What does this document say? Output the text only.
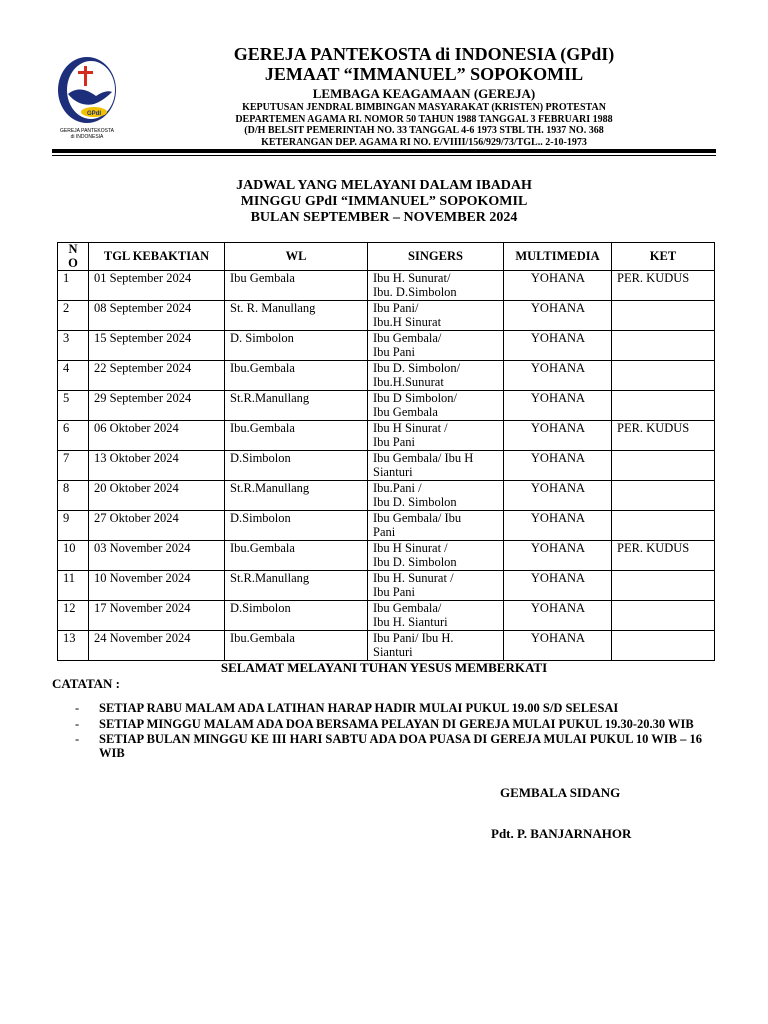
GPdI
GEREJA PANTEKOSTA
di INDONESIA
GEREJA PANTEKOSTA di INDONESIA (GPdI)
JEMAAT “IMMANUEL” SOPOKOMIL
LEMBAGA KEAGAMAAN (GEREJA)
KEPUTUSAN JENDRAL BIMBINGAN MASYARAKAT (KRISTEN) PROTESTAN
DEPARTEMEN AGAMA RI. NOMOR 50 TAHUN 1988 TANGGAL 3 FEBRUARI 1988
(D/H BELSIT PEMERINTAH NO. 33 TANGGAL 4-6 1973 STBL TH. 1937 NO. 368
KETERANGAN DEP. AGAMA RI NO. E/VIIII/156/929/73/TGL.. 2-10-1973
JADWAL YANG MELAYANI DALAM IBADAH
MINGGU GPdI “IMMANUEL” SOPOKOMIL
BULAN SEPTEMBER – NOVEMBER 2024
N
O	TGL KEBAKTIAN	WL	SINGERS	MULTIMEDIA	KET
1	01 September 2024	Ibu Gembala	Ibu H. Sunurat/
Ibu. D.Simbolon	YOHANA	PER. KUDUS
2	08 September 2024	St. R. Manullang	Ibu Pani/
Ibu.H Sinurat	YOHANA	
3	15 September 2024	D. Simbolon	Ibu Gembala/
Ibu Pani	YOHANA	
4	22 September 2024	Ibu.Gembala	Ibu D. Simbolon/
Ibu.H.Sunurat	YOHANA	
5	29 September 2024	St.R.Manullang	Ibu D Simbolon/
Ibu Gembala	YOHANA	
6	06 Oktober 2024	Ibu.Gembala	Ibu H Sinurat /
Ibu Pani	YOHANA	PER. KUDUS
7	13 Oktober 2024	D.Simbolon	Ibu Gembala/ Ibu H
Sianturi	YOHANA	
8	20 Oktober 2024	St.R.Manullang	Ibu.Pani /
Ibu D. Simbolon	YOHANA	
9	27 Oktober 2024	D.Simbolon	Ibu Gembala/ Ibu
Pani	YOHANA	
10	03 November 2024	Ibu.Gembala	Ibu H Sinurat /
Ibu D. Simbolon	YOHANA	PER. KUDUS
11	10 November 2024	St.R.Manullang	Ibu H. Sunurat /
Ibu Pani	YOHANA	
12	17 November 2024	D.Simbolon	Ibu Gembala/
Ibu H. Sianturi	YOHANA	
13	24 November 2024	Ibu.Gembala	Ibu Pani/ Ibu H.
Sianturi	YOHANA	
SELAMAT MELAYANI TUHAN YESUS MEMBERKATI
CATATAN :
- SETIAP RABU MALAM ADA LATIHAN HARAP HADIR MULAI PUKUL 19.00 S/D SELESAI
- SETIAP MINGGU MALAM ADA DOA BERSAMA PELAYAN DI GEREJA MULAI PUKUL 19.30-20.30 WIB
- SETIAP BULAN MINGGU KE III HARI SABTU ADA DOA PUASA DI GEREJA MULAI PUKUL 10 WIB – 16 WIB
GEMBALA SIDANG
Pdt. P. BANJARNAHOR
